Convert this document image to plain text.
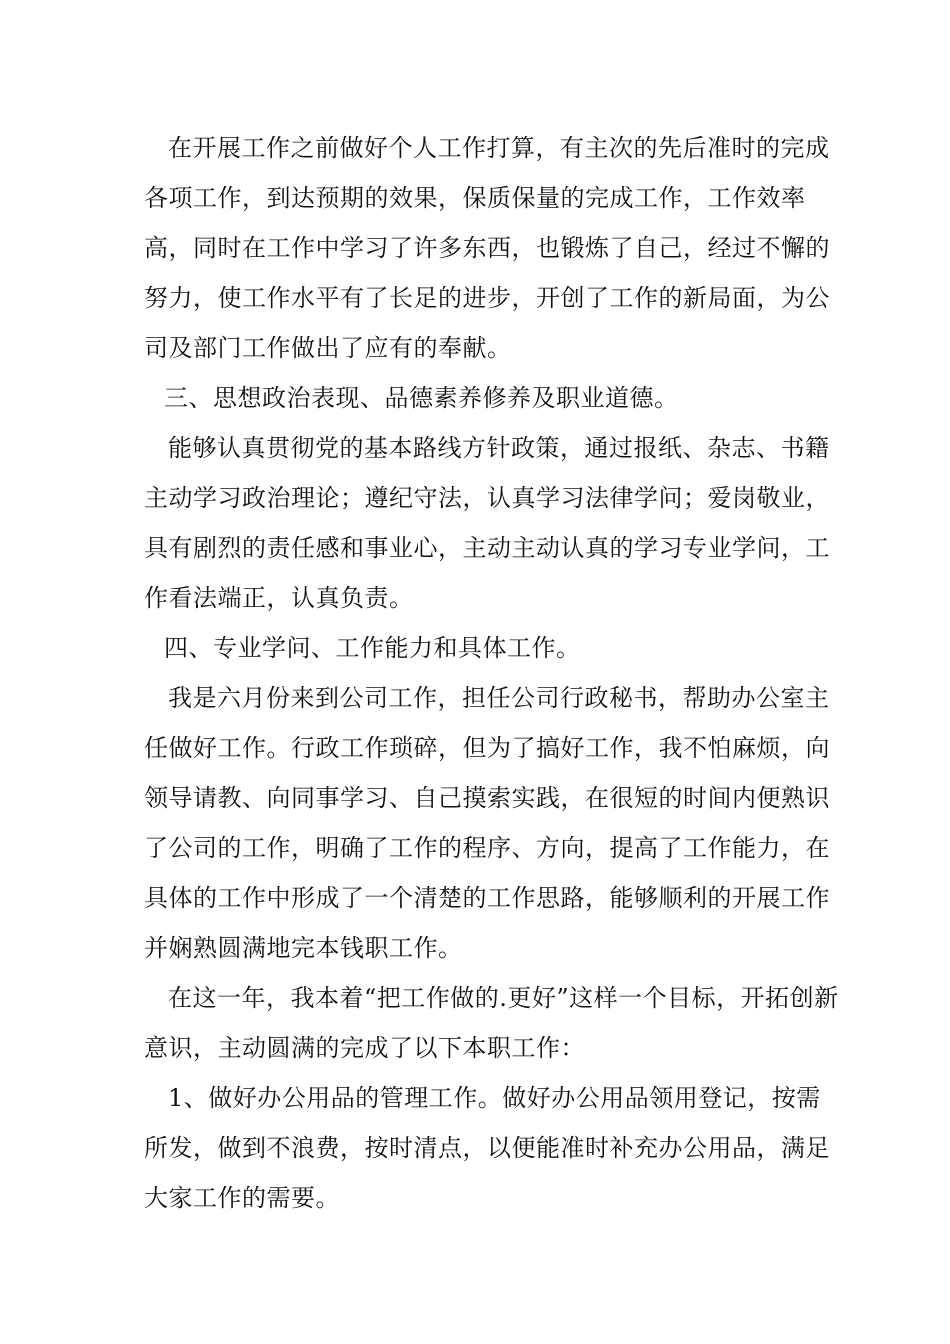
在开展工作之前做好个人工作打算，有主次的先后准时的完成各项工作，到达预期的效果，保质保量的完成工作，工作效率高，同时在工作中学习了许多东西，也锻炼了自己，经过不懈的努力，使工作水平有了长足的进步，开创了工作的新局面，为公司及部门工作做出了应有的奉献。

三、思想政治表现、品德素养修养及职业道德。

能够认真贯彻党的基本路线方针政策，通过报纸、杂志、书籍主动学习政治理论；遵纪守法，认真学习法律学问；爱岗敬业，具有剧烈的责任感和事业心，主动主动认真的学习专业学问，工作看法端正，认真负责。

四、专业学问、工作能力和具体工作。

我是六月份来到公司工作，担任公司行政秘书，帮助办公室主任做好工作。行政工作琐碎，但为了搞好工作，我不怕麻烦，向领导请教、向同事学习、自己摸索实践，在很短的时间内便熟识了公司的工作，明确了工作的程序、方向，提高了工作能力，在具体的工作中形成了一个清楚的工作思路，能够顺利的开展工作并娴熟圆满地完本钱职工作。

在这一年，我本着“把工作做的.更好”这样一个目标，开拓创新意识，主动圆满的完成了以下本职工作：

1、做好办公用品的管理工作。做好办公用品领用登记，按需所发，做到不浪费，按时清点，以便能准时补充办公用品，满足大家工作的需要。
